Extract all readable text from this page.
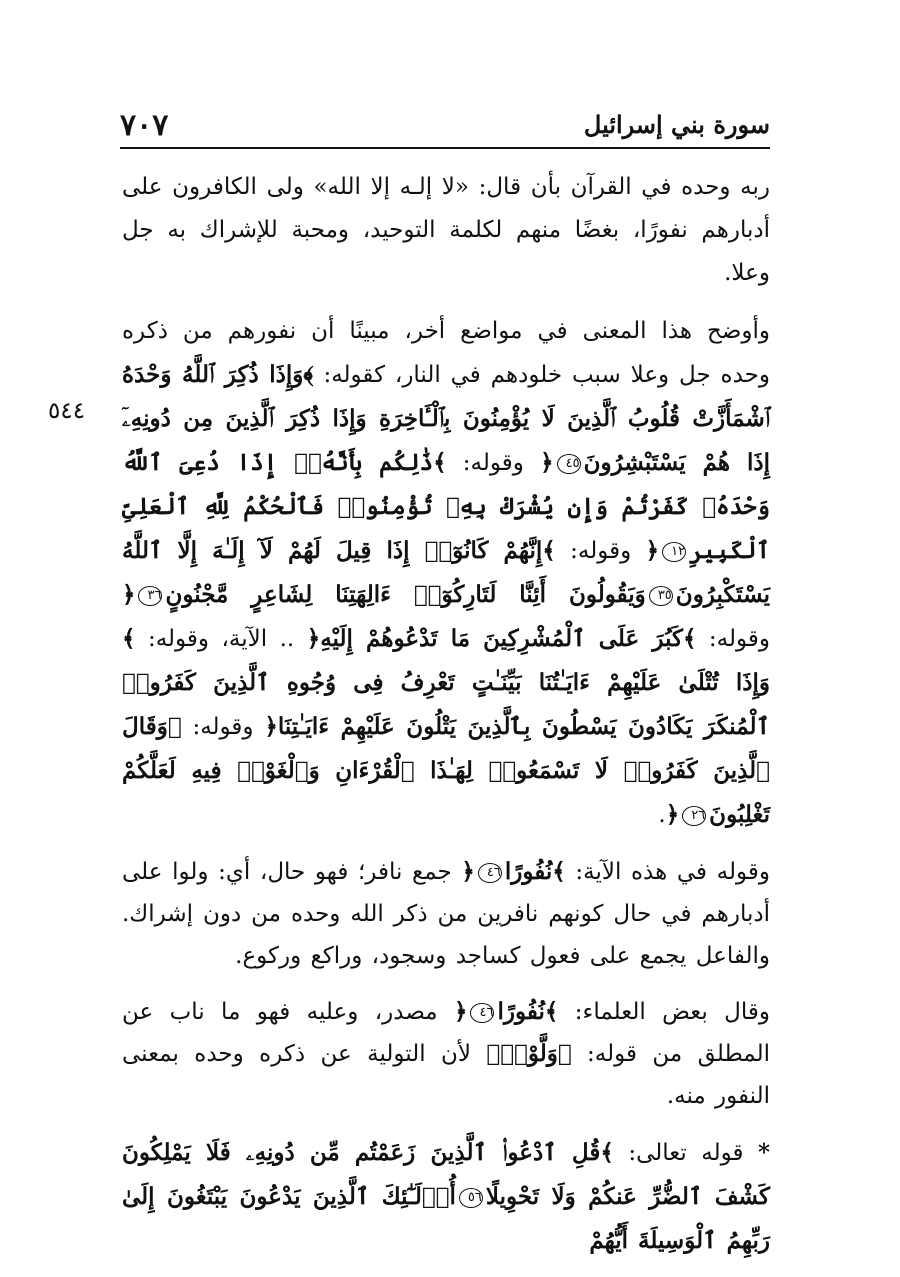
٧٠٧	سورة بني إسرائيل
٥٤٤

ربه وحده في القرآن بأن قال: «لا إلـه إلا الله» ولى الكافرون على أدبارهم نفورًا، بغضًا منهم لكلمة التوحيد، ومحبة للإشراك به جل وعلا.

وأوضح هذا المعنى في مواضع أخر، مبينًا أن نفورهم من ذكره وحده جل وعلا سبب خلودهم في النار، كقوله: ﴾وَإِذَا ذُكِرَ ٱللَّهُ وَحْدَهُ ٱشْمَأَزَّتْ قُلُوبُ ٱلَّذِينَ لَا يُؤْمِنُونَ بِٱلْـَٔاخِرَةِ وَإِذَا ذُكِرَ ٱلَّذِينَ مِن دُونِهِۦٓ إِذَا هُمْ يَسْتَبْشِرُونَ٤٥﴿ وقوله: ﴾ذَٰلِكُم بِأَنَّهُۥٓ إِذَا دُعِىَ ٱللَّهُ وَحْدَهُۥ كَفَرْتُمْ وَإِن يُشْرَكْ بِهِۦ تُؤْمِنُوا۟ فَٱلْحُكْمُ لِلَّهِ ٱلْعَلِىِّ ٱلْكَبِيرِ١٢﴿ وقوله: ﴾إِنَّهُمْ كَانُوٓا۟ إِذَا قِيلَ لَهُمْ لَآ إِلَـٰهَ إِلَّا ٱللَّهُ يَسْتَكْبِرُونَ٣٥وَيَقُولُونَ أَئِنَّا لَتَارِكُوٓا۟ ءَالِهَتِنَا لِشَاعِرٍ مَّجْنُونٍ٣٦﴿ وقوله: ﴾كَبُرَ عَلَى ٱلْمُشْرِكِينَ مَا تَدْعُوهُمْ إِلَيْهِ﴿ .. الآية، وقوله: ﴾وَإِذَا تُتْلَىٰ عَلَيْهِمْ ءَايَـٰتُنَا بَيِّنَـٰتٍ تَعْرِفُ فِى وُجُوهِ ٱلَّذِينَ كَفَرُوا۟ ٱلْمُنكَرَ يَكَادُونَ يَسْطُونَ بِٱلَّذِينَ يَتْلُونَ عَلَيْهِمْ ءَايَـٰتِنَا﴿ وقوله: ﴾وَقَالَ ٱلَّذِينَ كَفَرُوا۟ لَا تَسْمَعُوا۟ لِهَـٰذَا ٱلْقُرْءَانِ وَٱلْغَوْا۟ فِيهِ لَعَلَّكُمْ تَغْلِبُونَ٢٦﴿.

وقوله في هذه الآية: ﴾نُفُورًا٤٦﴿ جمع نافر؛ فهو حال، أي: ولوا على أدبارهم في حال كونهم نافرين من ذكر الله وحده من دون إشراك. والفاعل يجمع على فعول كساجد وسجود، وراكع وركوع.

وقال بعض العلماء: ﴾نُفُورًا٤٦﴿ مصدر، وعليه فهو ما ناب عن المطلق من قوله: ﴾وَلَّوْا۟﴿ لأن التولية عن ذكره وحده بمعنى النفور منه.

* قوله تعالى: ﴾قُلِ ٱدْعُوا۟ ٱلَّذِينَ زَعَمْتُم مِّن دُونِهِۦ فَلَا يَمْلِكُونَ كَشْفَ ٱلضُّرِّ عَنكُمْ وَلَا تَحْوِيلًا٥٦أُو۟لَـٰٓئِكَ ٱلَّذِينَ يَدْعُونَ يَبْتَغُونَ إِلَىٰ رَبِّهِمُ ٱلْوَسِيلَةَ أَيُّهُمْ
